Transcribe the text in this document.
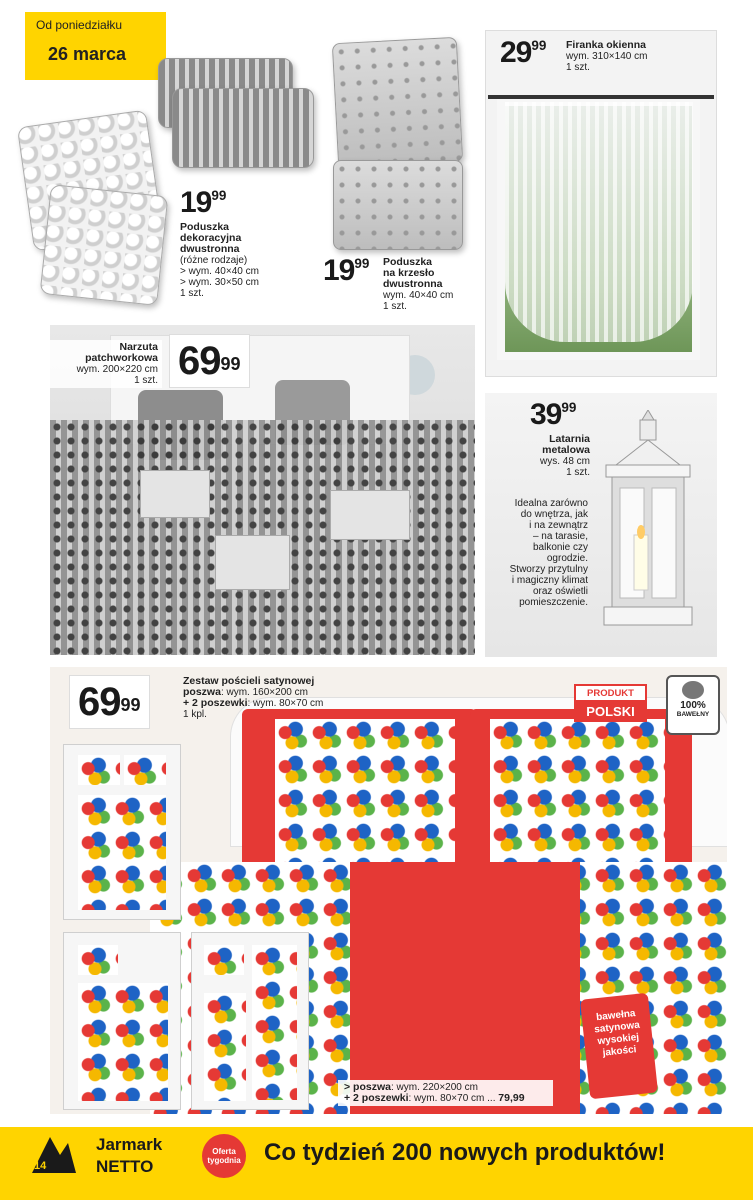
Od poniedziałku
26 marca
$19^{99}$
Poduszka
dekoracyjna
dwustronna
(różne rodzaje)
> wym. 40×40 cm
> wym. 30×50 cm
1 szt.
$19^{99}$ Poduszka
na krzesło
dwustronna
wym. 40×40 cm
1 szt.
$29^{99}$ Firanka okienna
wym. 310×140 cm
1 szt.
Narzuta
patchworkowa
wym. 200×220 cm
1 szt. $69^{99}$
$39^{99}$
Latarnia
metalowa
wys. 48 cm
1 szt.
Idealna zarówno
do wnętrza, jak
i na zewnątrz
– na tarasie,
balkonie czy
ogrodzie.
Stworzy przytulny
i magiczny klimat
oraz oświetli
pomieszczenie.
$69^{99}$
Zestaw pościeli satynowej
poszwa: wym. 160×200 cm
+ 2 poszewki: wym. 80×70 cm
1 kpl.
PRODUKT
POLSKI	100%
BAWEŁNY
bawełna
satynowa
wysokiej
jakości
> poszwa: wym. 220×200 cm
+ 2 poszewki: wym. 80×70 cm ... 79,99
14
Jarmark
NETTO
Oferta
tygodnia Co tydzień 200 nowych produktów!
